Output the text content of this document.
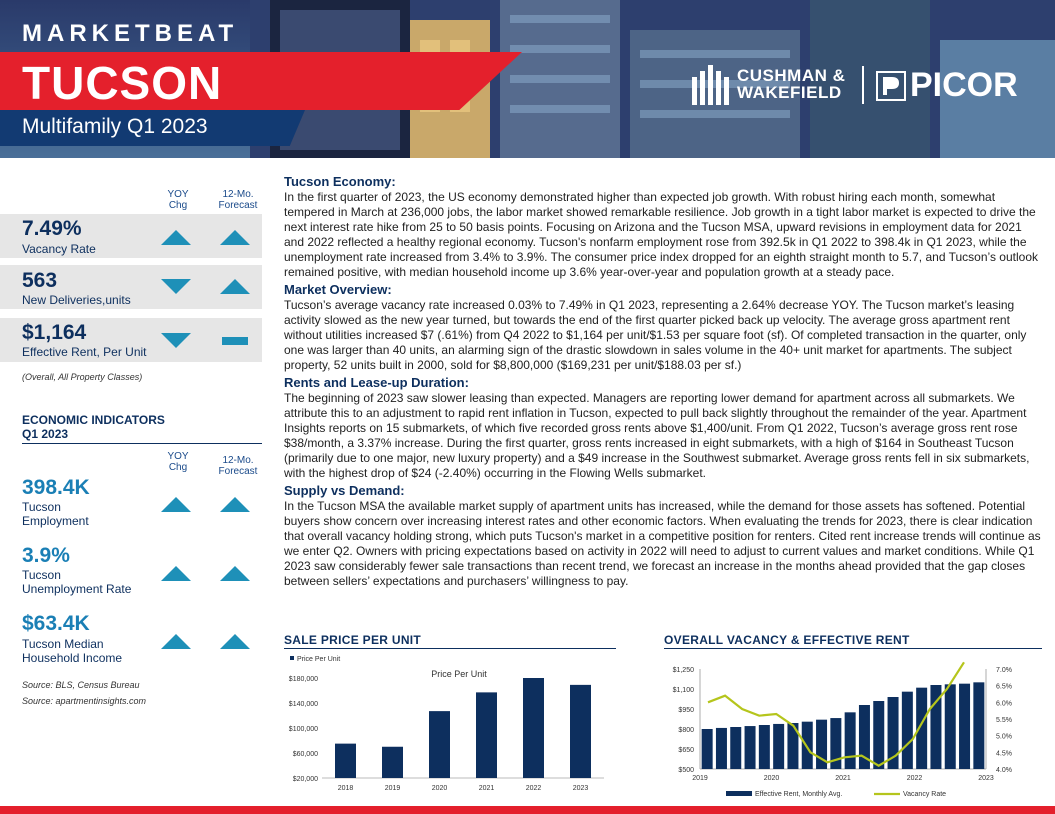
MARKETBEAT
TUCSON
Multifamily Q1 2023
CUSHMAN &
WAKEFIELD PICOR
YOY
Chg
12-Mo.
Forecast
7.49%
Vacancy Rate
563
New Deliveries,units
$1,164
Effective Rent, Per Unit
(Overall, All Property Classes)
ECONOMIC INDICATORS
Q1 2023
YOY
Chg
12-Mo.
Forecast
398.4K
Tucson
Employment
3.9%
Tucson
Unemployment Rate
$63.4K
Tucson Median
Household Income
Source: BLS, Census Bureau
Source: apartmentinsights.com
Tucson Economy:
In the first quarter of 2023, the US economy demonstrated higher than expected job growth. With robust hiring each month, somewhat tempered in March at 236,000 jobs, the labor market showed remarkable resilience. Job growth in a tight labor market is expected to drive the next interest rate hike from 25 to 50 basis points. Focusing on Arizona and the Tucson MSA, upward revisions in employment data for 2021 and 2022 reflected a healthy regional economy. Tucson's nonfarm employment rose from 392.5k in Q1 2022 to 398.4k in Q1 2023, while the unemployment rate increased from 3.4% to 3.9%. The consumer price index dropped for an eighth straight month to 5.7, and Tucson’s outlook remained positive, with median household income up 3.6% year-over-year and population growth at a steady pace.
Market Overview:
Tucson’s average vacancy rate increased 0.03% to 7.49% in Q1 2023, representing a 2.64% decrease YOY. The Tucson market’s leasing activity slowed as the new year turned, but towards the end of the first quarter picked back up velocity. The average gross apartment rent without utilities increased $7 (.61%) from Q4 2022 to $1,164 per unit/$1.53 per square foot (sf). Of completed transaction in the quarter, only one was larger than 40 units, an alarming sign of the drastic slowdown in sales volume in the 40+ unit market for apartments. The subject property, 52 units built in 2000, sold for $8,800,000 ($169,231 per unit/$188.03 per sf.)
Rents and Lease-up Duration:
The beginning of 2023 saw slower leasing than expected. Managers are reporting lower demand for apartment across all submarkets. We attribute this to an adjustment to rapid rent inflation in Tucson, expected to pull back slightly throughout the remainder of the year. Apartment Insights reports on 15 submarkets, of which five recorded gross rents above $1,400/unit. From Q1 2022, Tucson’s average gross rent rose $38/month, a 3.37% increase. During the first quarter, gross rents increased in eight submarkets, with a high of $164 in Southeast Tucson (primarily due to one major, new luxury property) and a $49 increase in the Southwest submarket. Average gross rents fell in six submarkets, with the highest drop of $24 (-2.40%) occurring in the Flowing Wells submarket.
Supply vs Demand:
In the Tucson MSA the available market supply of apartment units has increased, while the demand for those assets has softened. Potential buyers show concern over increasing interest rates and other economic factors. When evaluating the trends for 2023, there is clear indication that overall vacancy holding strong, which puts Tucson's market in a competitive position for renters. Cited rent increase trends will continue as we enter Q2. Owners with pricing expectations based on activity in 2022 will need to adjust to current values and market conditions. While Q1 2023 saw considerably fewer sale transactions than recent trend, we forecast an increase in the months ahead provided that the gap closes between sellers’ expectations and purchasers’ willingness to pay.
SALE PRICE PER UNIT
Price Per Unit
Price Per Unit
$20,000
$60,000
$100,000
$140,000
$180,000
2018	2019	2020	2021	2022	2023
OVERALL VACANCY & EFFECTIVE RENT
$500
$650
$800
$950
$1,100
$1,250
4.0%
4.5%
5.0%
5.5%
6.0%
6.5%
7.0%
2019	2020	2021	2022	2023
Effective Rent, Monthly Avg.	Vacancy Rate
